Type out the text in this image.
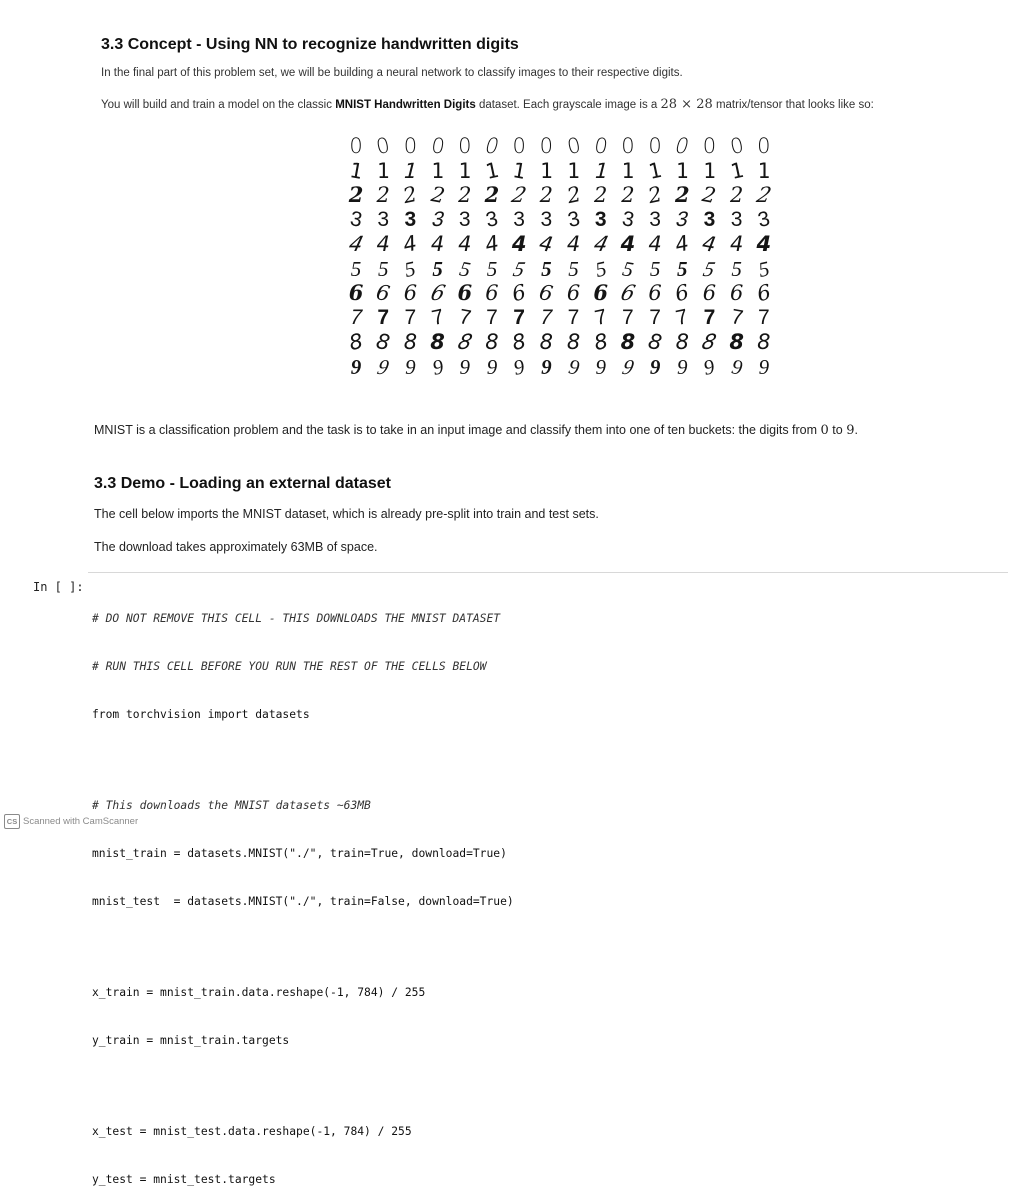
3.3 Concept - Using NN to recognize handwritten digits
In the final part of this problem set, we will be building a neural network to classify images to their respective digits.
You will build and train a model on the classic MNIST Handwritten Digits dataset. Each grayscale image is a 28 × 28 matrix/tensor that looks like so:
0 0 0 0 0 0 0 0 0 0 0 0 0 0 0 0
1 1 1 1 1 1 1 1 1 1 1 1 1 1 1 1
2 2 2 2 2 2 2 2 2 2 2 2 2 2 2 2
3 3 3 3 3 3 3 3 3 3 3 3 3 3 3 3
4 4 4 4 4 4 4 4 4 4 4 4 4 4 4 4
5 5 5 5 5 5 5 5 5 5 5 5 5 5 5 5
6 6 6 6 6 6 6 6 6 6 6 6 6 6 6 6
7 7 7 7 7 7 7 7 7 7 7 7 7 7 7 7
8 8 8 8 8 8 8 8 8 8 8 8 8 8 8 8
9 9 9 9 9 9 9 9 9 9 9 9 9 9 9 9
MNIST is a classification problem and the task is to take in an input image and classify them into one of ten buckets: the digits from 0 to 9.
3.3 Demo - Loading an external dataset
The cell below imports the MNIST dataset, which is already pre-split into train and test sets.
The download takes approximately 63MB of space.
In [ ]:

# DO NOT REMOVE THIS CELL - THIS DOWNLOADS THE MNIST DATASET

# RUN THIS CELL BEFORE YOU RUN THE REST OF THE CELLS BELOW

from torchvision import datasets

# This downloads the MNIST datasets ~63MB

mnist_train = datasets.MNIST("./", train=True, download=True)

mnist_test  = datasets.MNIST("./", train=False, download=True)

x_train = mnist_train.data.reshape(-1, 784) / 255

y_train = mnist_train.targets

x_test = mnist_test.data.reshape(-1, 784) / 255

y_test = mnist_test.targets

CS Scanned with CamScanner
